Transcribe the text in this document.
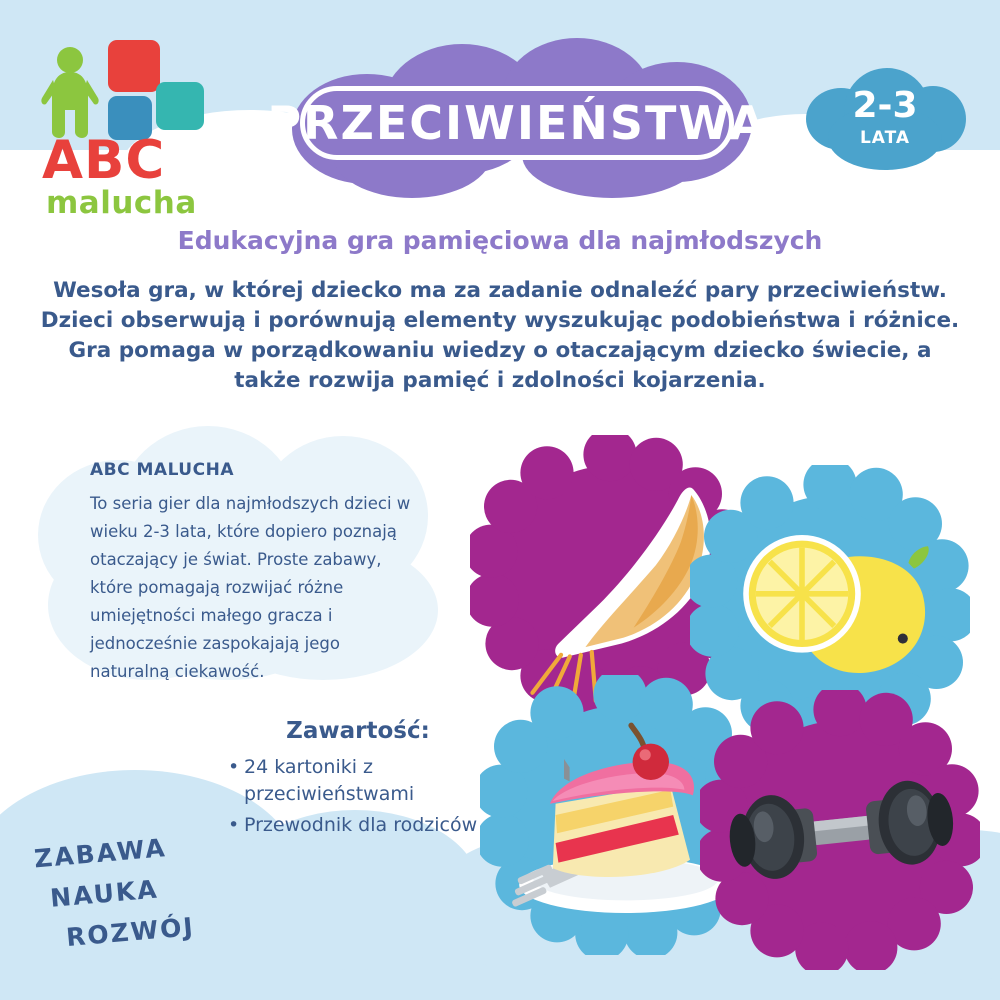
ABC
malucha
PRZECIWIEŃSTWA	2-3
LATA
Edukacyjna gra pamięciowa dla najmłodszych
Wesoła gra, w której dziecko ma za zadanie odnaleźć pary przeciwieństw. Dzieci obserwują i porównują elementy wyszukując podobieństwa i różnice. Gra pomaga w porządkowaniu wiedzy o otaczającym dziecko świecie, a także rozwija pamięć i zdolności kojarzenia.
ABC MALUCHA
To seria gier dla najmłodszych dzieci w wieku 2-3 lata, które dopiero poznają otaczający je świat. Proste zabawy, które pomagają rozwijać różne umiejętności małego gracza i jednocześnie zaspokajają jego naturalną ciekawość.
Zawartość:
• 24 kartoniki z przeciwieństwami
• Przewodnik dla rodziców
ZABAWA
NAUKA
ROZWÓJ
